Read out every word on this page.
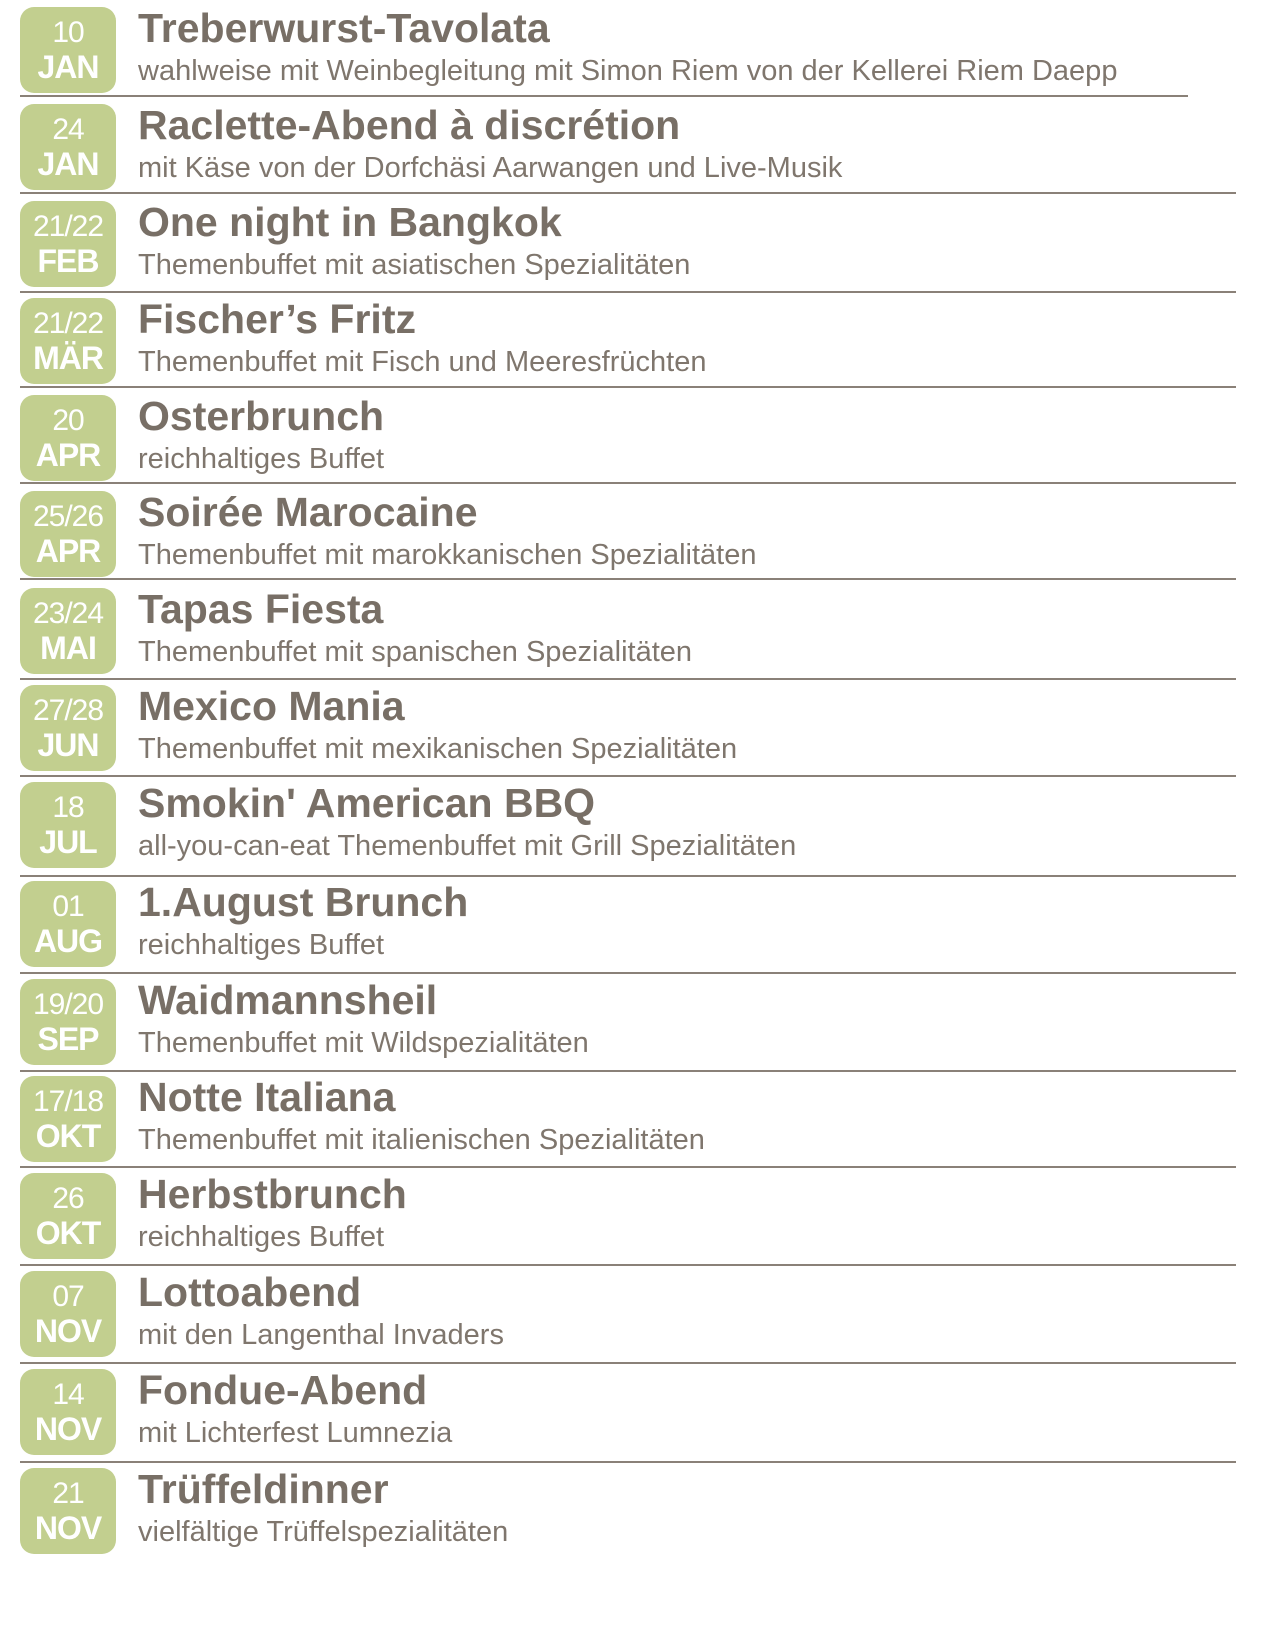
10
JAN
Treberwurst-Tavolata
wahlweise mit Weinbegleitung mit Simon Riem von der Kellerei Riem Daepp
24
JAN
Raclette-Abend à discrétion
mit Käse von der Dorfchäsi Aarwangen und Live-Musik
21/22
FEB
One night in Bangkok
Themenbuffet mit asiatischen Spezialitäten
21/22
MÄR
Fischer’s Fritz
Themenbuffet mit Fisch und Meeresfrüchten
20
APR
Osterbrunch
reichhaltiges Buffet
25/26
APR
Soirée Marocaine
Themenbuffet mit marokkanischen Spezialitäten
23/24
MAI
Tapas Fiesta
Themenbuffet mit spanischen Spezialitäten
27/28
JUN
Mexico Mania
Themenbuffet mit mexikanischen Spezialitäten
18
JUL
Smokin' American BBQ
all-you-can-eat Themenbuffet mit Grill Spezialitäten
01
AUG
1.August Brunch
reichhaltiges Buffet
19/20
SEP
Waidmannsheil
Themenbuffet mit Wildspezialitäten
17/18
OKT
Notte Italiana
Themenbuffet mit italienischen Spezialitäten
26
OKT
Herbstbrunch
reichhaltiges Buffet
07
NOV
Lottoabend
mit den Langenthal Invaders
14
NOV
Fondue-Abend
mit Lichterfest Lumnezia
21
NOV
Trüffeldinner
vielfältige Trüffelspezialitäten
